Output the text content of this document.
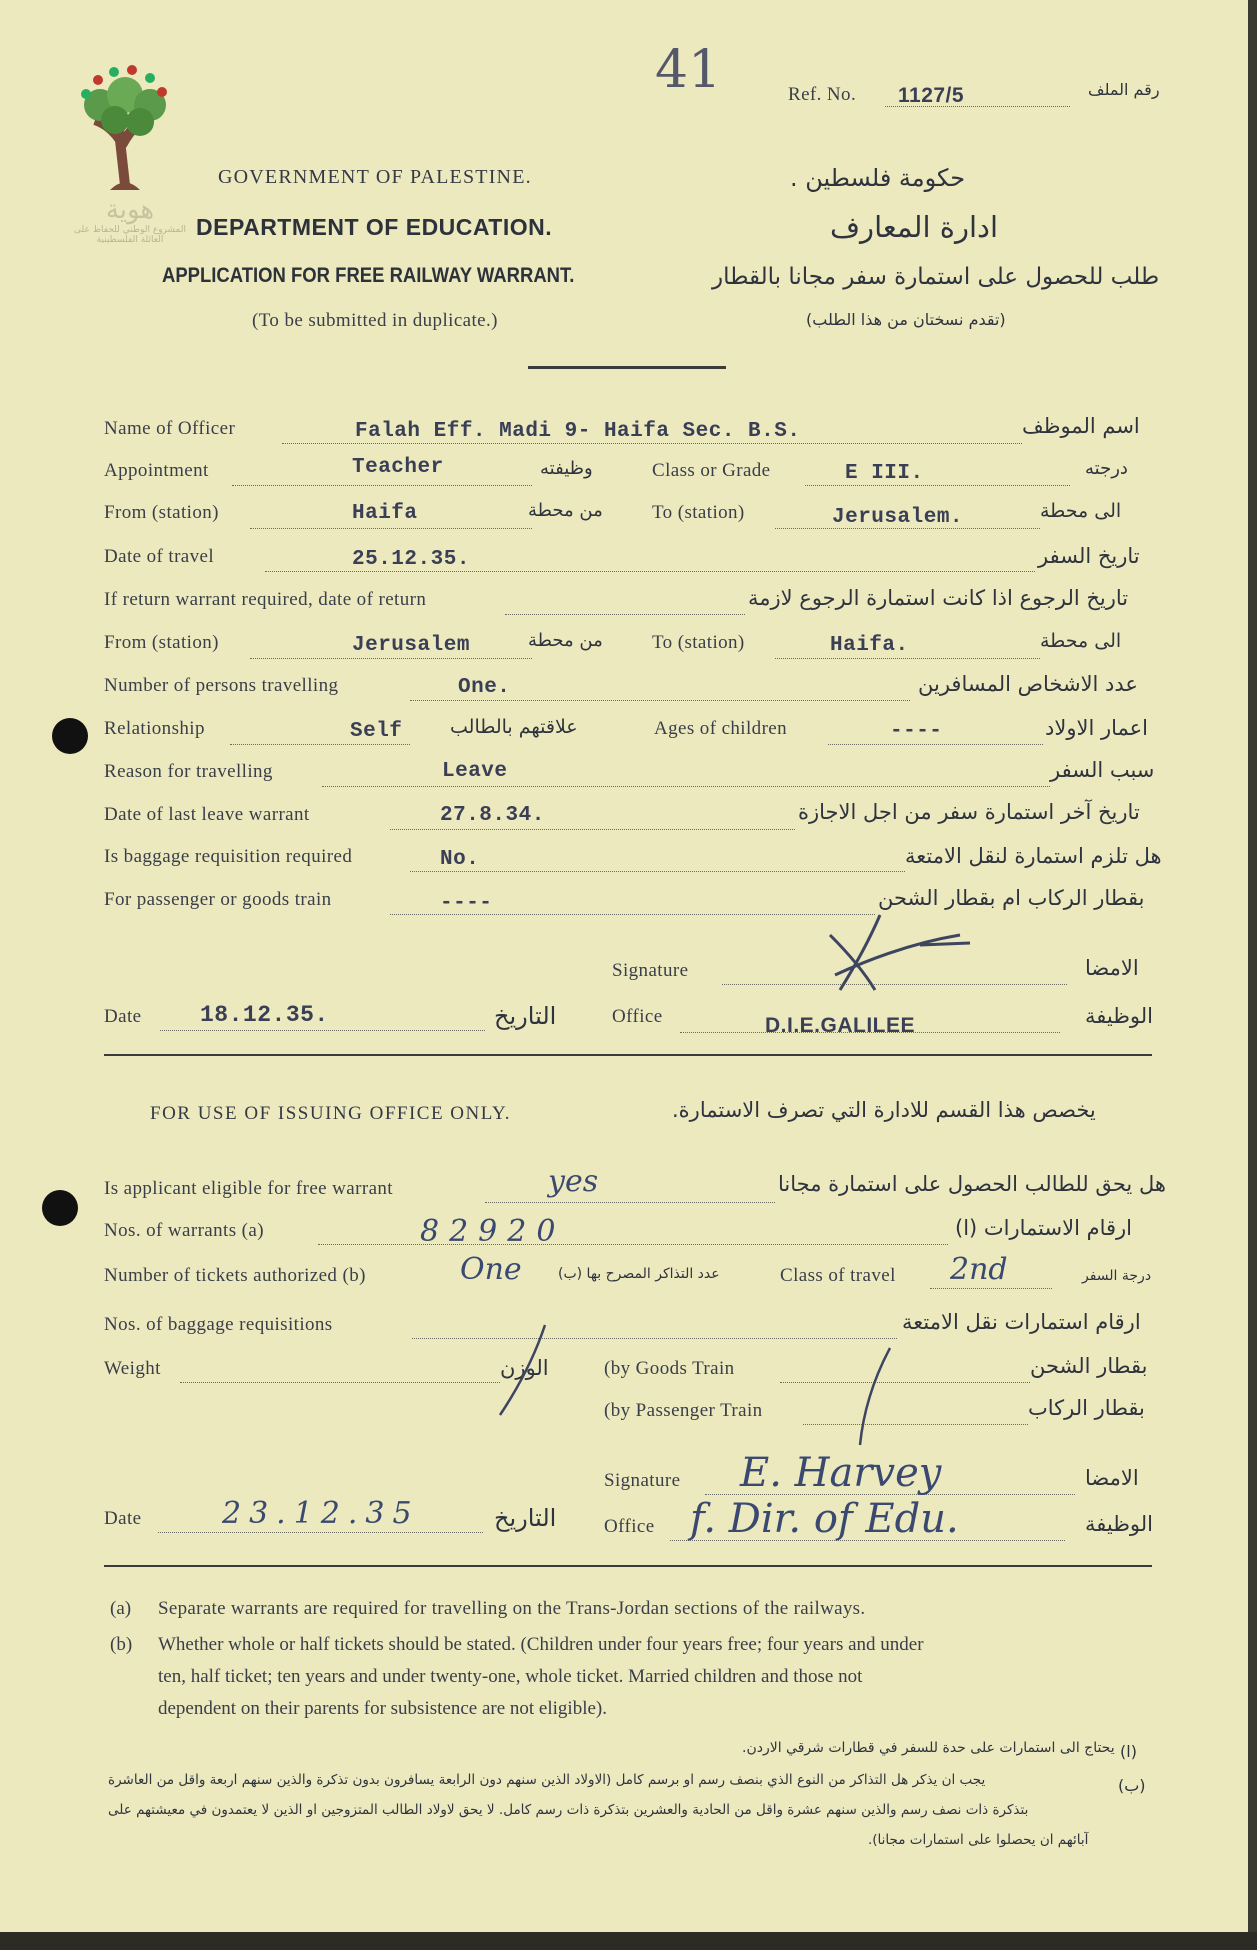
هوية
المشروع الوطني للحفاظ على
العائلة الفلسطينية
41	Ref. No. 1127/5	رقم الملف
GOVERNMENT OF PALESTINE.	حكومة فلسطين .
DEPARTMENT OF EDUCATION.	ادارة المعارف
APPLICATION FOR FREE RAILWAY WARRANT.	طلب للحصول على استمارة سفر مجانا بالقطار
(To be submitted in duplicate.)	(تقدم نسختان من هذا الطلب)
Name of Officer	Falah Eff. Madi 9- Haifa Sec. B.S.	اسم الموظف
Appointment	Teacher	وظيفته	Class or Grade	E III.	درجته
From (station)	Haifa	من محطة	To (station)	Jerusalem.	الى محطة
Date of travel	25.12.35.	تاريخ السفر
If return warrant required, date of return	تاريخ الرجوع اذا كانت استمارة الرجوع لازمة
From (station)	Jerusalem	من محطة	To (station)	Haifa.	الى محطة
Number of persons travelling	One.	عدد الاشخاص المسافرين
Relationship	Self	علاقتهم بالطالب	Ages of children	----	اعمار الاولاد
Reason for travelling	Leave	سبب السفر
Date of last leave warrant	27.8.34.	تاريخ آخر استمارة سفر من اجل الاجازة
Is baggage requisition required	No.	هل تلزم استمارة لنقل الامتعة
For passenger or goods train	----	بقطار الركاب ام بقطار الشحن
Signature	الامضا
Date	18.12.35.	التاريخ	Office	D.I.E.GALILEE	الوظيفة
FOR USE OF ISSUING OFFICE ONLY.	يخصص هذا القسم للادارة التي تصرف الاستمارة.
Is applicant eligible for free warrant	yes	هل يحق للطالب الحصول على استمارة مجانا
Nos. of warrants (a)	82920	ارقام الاستمارات (ا)
Number of tickets authorized (b)	One	عدد التذاكر المصرح بها (ب)	Class of travel 2nd	درجة السفر
Nos. of baggage requisitions	ارقام استمارات نقل الامتعة
Weight	الوزن	(by Goods Train	بقطار الشحن
(by Passenger Train	بقطار الركاب
Signature E. Harvey	الامضا
Date	23.12.35	التاريخ	Office f. Dir. of Edu.	الوظيفة
(a) Separate warrants are required for travelling on the Trans-Jordan sections of the railways.
(b) Whether whole or half tickets should be stated. (Children under four years free; four years and under
ten, half ticket; ten years and under twenty-one, whole ticket. Married children and those not
dependent on their parents for subsistence are not eligible).
(ا)
يحتاج الى استمارات على حدة للسفر في قطارات شرقي الاردن.
(ب)
يجب ان يذكر هل التذاكر من النوع الذي بنصف رسم او برسم كامل (الاولاد الذين سنهم دون الرابعة يسافرون بدون تذكرة والذين سنهم اربعة واقل من العاشرة
بتذكرة ذات نصف رسم والذين سنهم عشرة واقل من الحادية والعشرين بتذكرة ذات رسم كامل. لا يحق لاولاد الطالب المتزوجين او الذين لا يعتمدون في معيشتهم على
آبائهم ان يحصلوا على استمارات مجانا).
